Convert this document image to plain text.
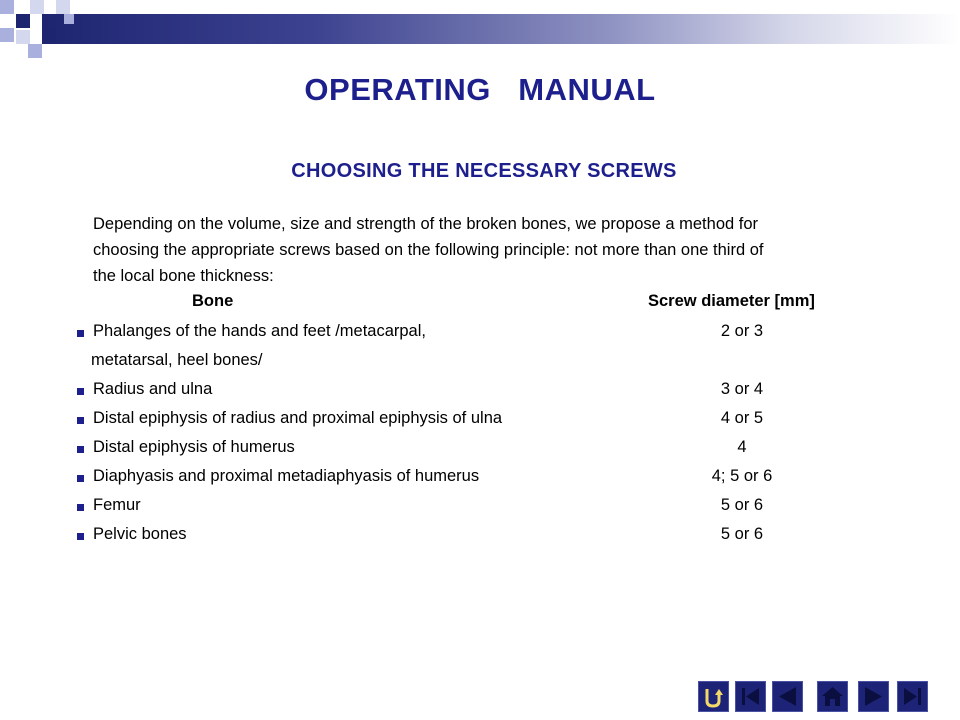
OPERATING   MANUAL
CHOOSING THE NECESSARY SCREWS
Depending on the volume, size and strength of the broken bones, we propose a method for
choosing the appropriate screws based on the following principle: not more than one third of
the local bone thickness:
Bone	Screw diameter [mm]
Phalanges of the hands and feet /metacarpal,	2 or 3
metatarsal, heel bones/
Radius and ulna	3 or 4
Distal epiphysis of radius and proximal epiphysis of ulna	4 or 5
Distal epiphysis of humerus	4
Diaphyasis and proximal metadiaphyasis of humerus	4; 5 or 6
Femur	5 or 6
Pelvic bones	5 or 6
